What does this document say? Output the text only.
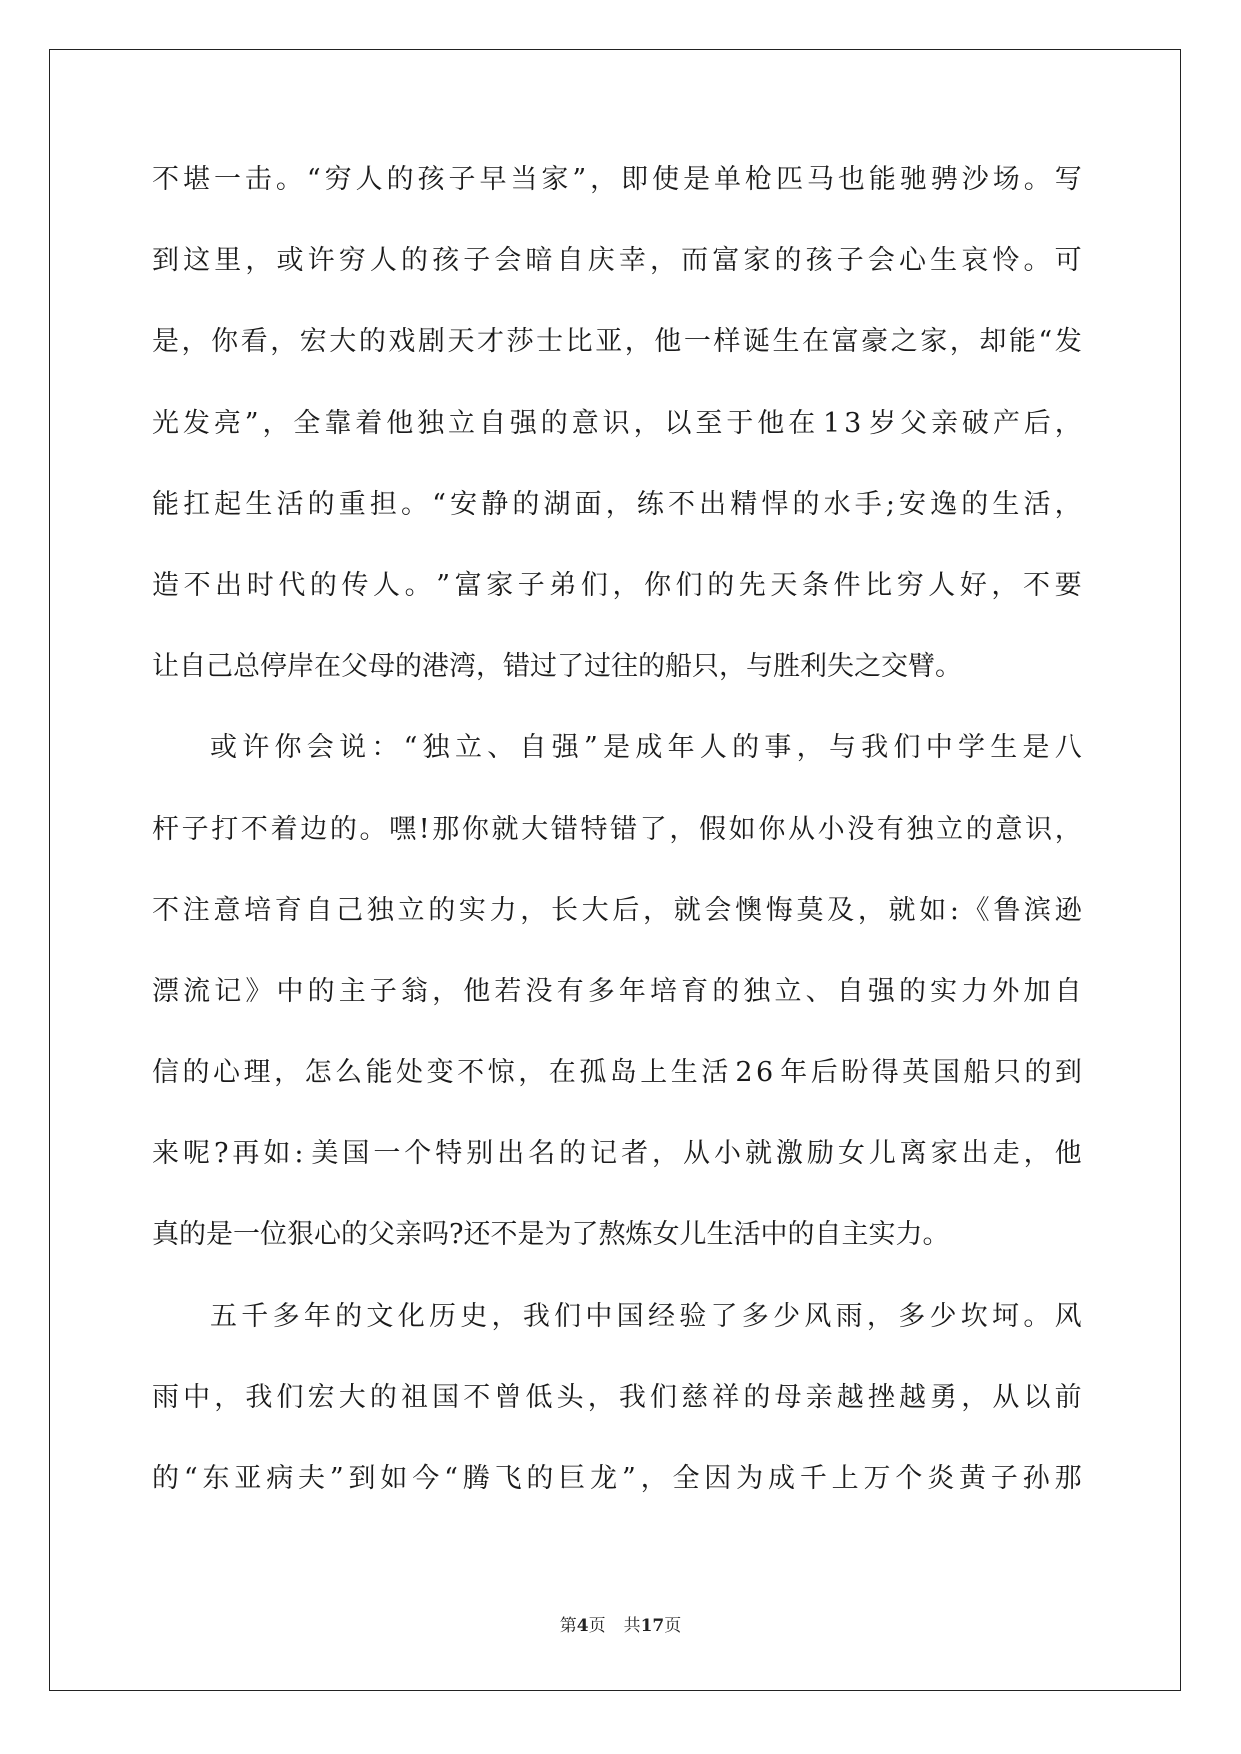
不 堪 一 击 。 “ 穷 人 的 孩 子 早 当 家 ” ， 即 使 是 单 枪 匹 马 也 能 驰 骋 沙 场 。 写
到 这 里 ， 或 许 穷 人 的 孩 子 会 暗 自 庆 幸 ， 而 富 家 的 孩 子 会 心 生 哀 怜 。 可
是 ， 你 看 ， 宏 大 的 戏 剧 天 才 莎 士 比 亚 ， 他 一 样 诞 生 在 富 豪 之 家 ， 却 能 “ 发
光 发 亮 ” ， 全 靠 着 他 独 立 自 强 的 意 识 ， 以 至 于 他 在 1 3 岁 父 亲 破 产 后 ，
能 扛 起 生 活 的 重 担 。 “ 安 静 的 湖 面 ， 练 不 出 精 悍 的 水 手 ; 安 逸 的 生 活 ，
造 不 出 时 代 的 传 人 。 ” 富 家 子 弟 们 ， 你 们 的 先 天 条 件 比 穷 人 好 ， 不 要
让自己总停岸在父母的港湾，错过了过往的船只，与胜利失之交臂。
或 许 你 会 说 ： “ 独 立 、 自 强 ” 是 成 年 人 的 事 ， 与 我 们 中 学 生 是 八
杆 子 打 不 着 边 的 。 嘿 ! 那 你 就 大 错 特 错 了 ， 假 如 你 从 小 没 有 独 立 的 意 识 ，
不 注 意 培 育 自 己 独 立 的 实 力 ， 长 大 后 ， 就 会 懊 悔 莫 及 ， 就 如 : 《 鲁 滨 逊
漂 流 记 》 中 的 主 子 翁 ， 他 若 没 有 多 年 培 育 的 独 立 、 自 强 的 实 力 外 加 自
信 的 心 理 ， 怎 么 能 处 变 不 惊 ， 在 孤 岛 上 生 活 2 6 年 后 盼 得 英 国 船 只 的 到
来 呢 ? 再 如 : 美 国 一 个 特 别 出 名 的 记 者 ， 从 小 就 激 励 女 儿 离 家 出 走 ， 他
真的是一位狠心的父亲吗?还不是为了熬炼女儿生活中的自主实力。
五 千 多 年 的 文 化 历 史 ， 我 们 中 国 经 验 了 多 少 风 雨 ， 多 少 坎 坷 。 风
雨 中 ， 我 们 宏 大 的 祖 国 不 曾 低 头 ， 我 们 慈 祥 的 母 亲 越 挫 越 勇 ， 从 以 前
的 “ 东 亚 病 夫 ” 到 如 今 “ 腾 飞 的 巨 龙 ” ， 全 因 为 成 千 上 万 个 炎 黄 子 孙 那
第4页 共17页
